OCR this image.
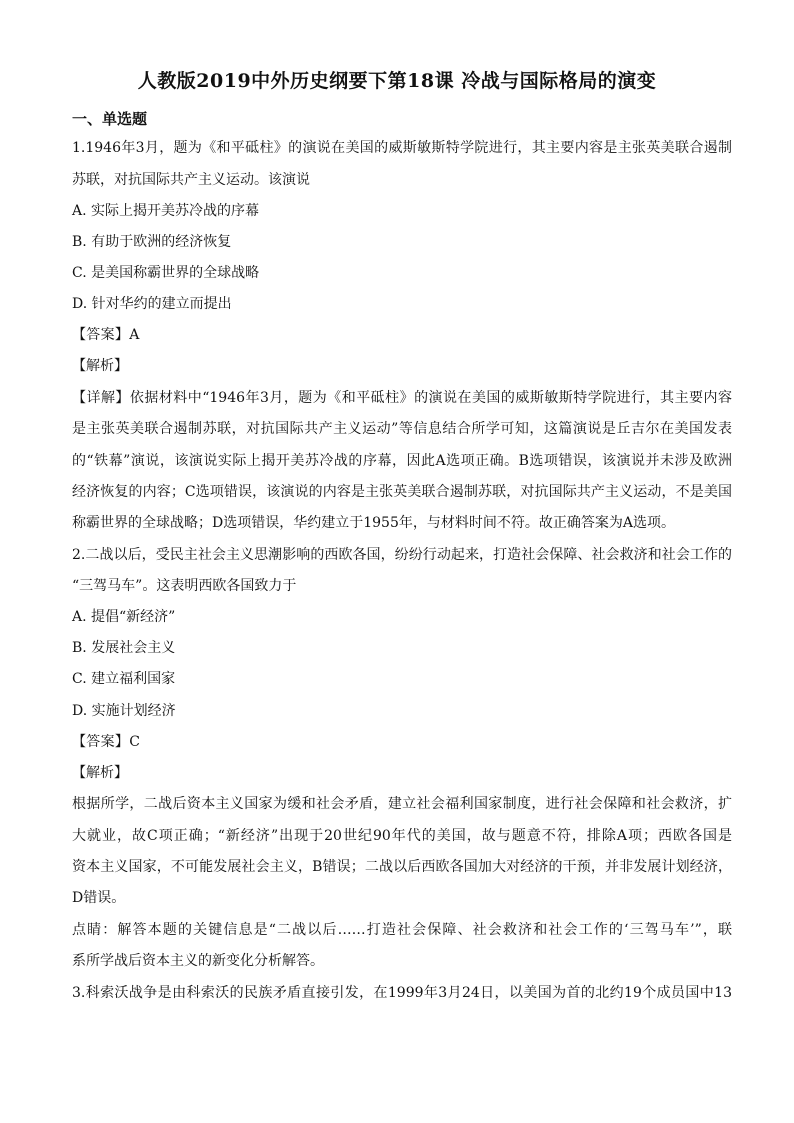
人教版2019中外历史纲要下第18课 冷战与国际格局的演变
一、单选题
1.1946年3月，题为《和平砥柱》的演说在美国的威斯敏斯特学院进行，其主要内容是主张英美联合遏制
苏联，对抗国际共产主义运动。该演说
A. 实际上揭开美苏冷战的序幕
B. 有助于欧洲的经济恢复
C. 是美国称霸世界的全球战略
D. 针对华约的建立而提出
【答案】A
【解析】
【详解】依据材料中“1946年3月，题为《和平砥柱》的演说在美国的威斯敏斯特学院进行，其主要内容
是主张英美联合遏制苏联，对抗国际共产主义运动”等信息结合所学可知，这篇演说是丘吉尔在美国发表
的“铁幕”演说，该演说实际上揭开美苏冷战的序幕，因此A选项正确。B选项错误，该演说并未涉及欧洲
经济恢复的内容；C选项错误，该演说的内容是主张英美联合遏制苏联，对抗国际共产主义运动，不是美国
称霸世界的全球战略；D选项错误，华约建立于1955年，与材料时间不符。故正确答案为A选项。
2.二战以后，受民主社会主义思潮影响的西欧各国，纷纷行动起来，打造社会保障、社会救济和社会工作的
“三驾马车”。这表明西欧各国致力于
A. 提倡“新经济”
B. 发展社会主义
C. 建立福利国家
D. 实施计划经济
【答案】C
【解析】
根据所学，二战后资本主义国家为缓和社会矛盾，建立社会福利国家制度，进行社会保障和社会救济，扩
大就业，故C项正确；“新经济”出现于20世纪90年代的美国，故与题意不符，排除A项；西欧各国是
资本主义国家，不可能发展社会主义，B错误；二战以后西欧各国加大对经济的干预，并非发展计划经济，
D错误。
点睛：解答本题的关键信息是“二战以后……打造社会保障、社会救济和社会工作的‘三驾马车’”，联
系所学战后资本主义的新变化分析解答。
3.科索沃战争是由科索沃的民族矛盾直接引发，在1999年3月24日，以美国为首的北约19个成员国中13
